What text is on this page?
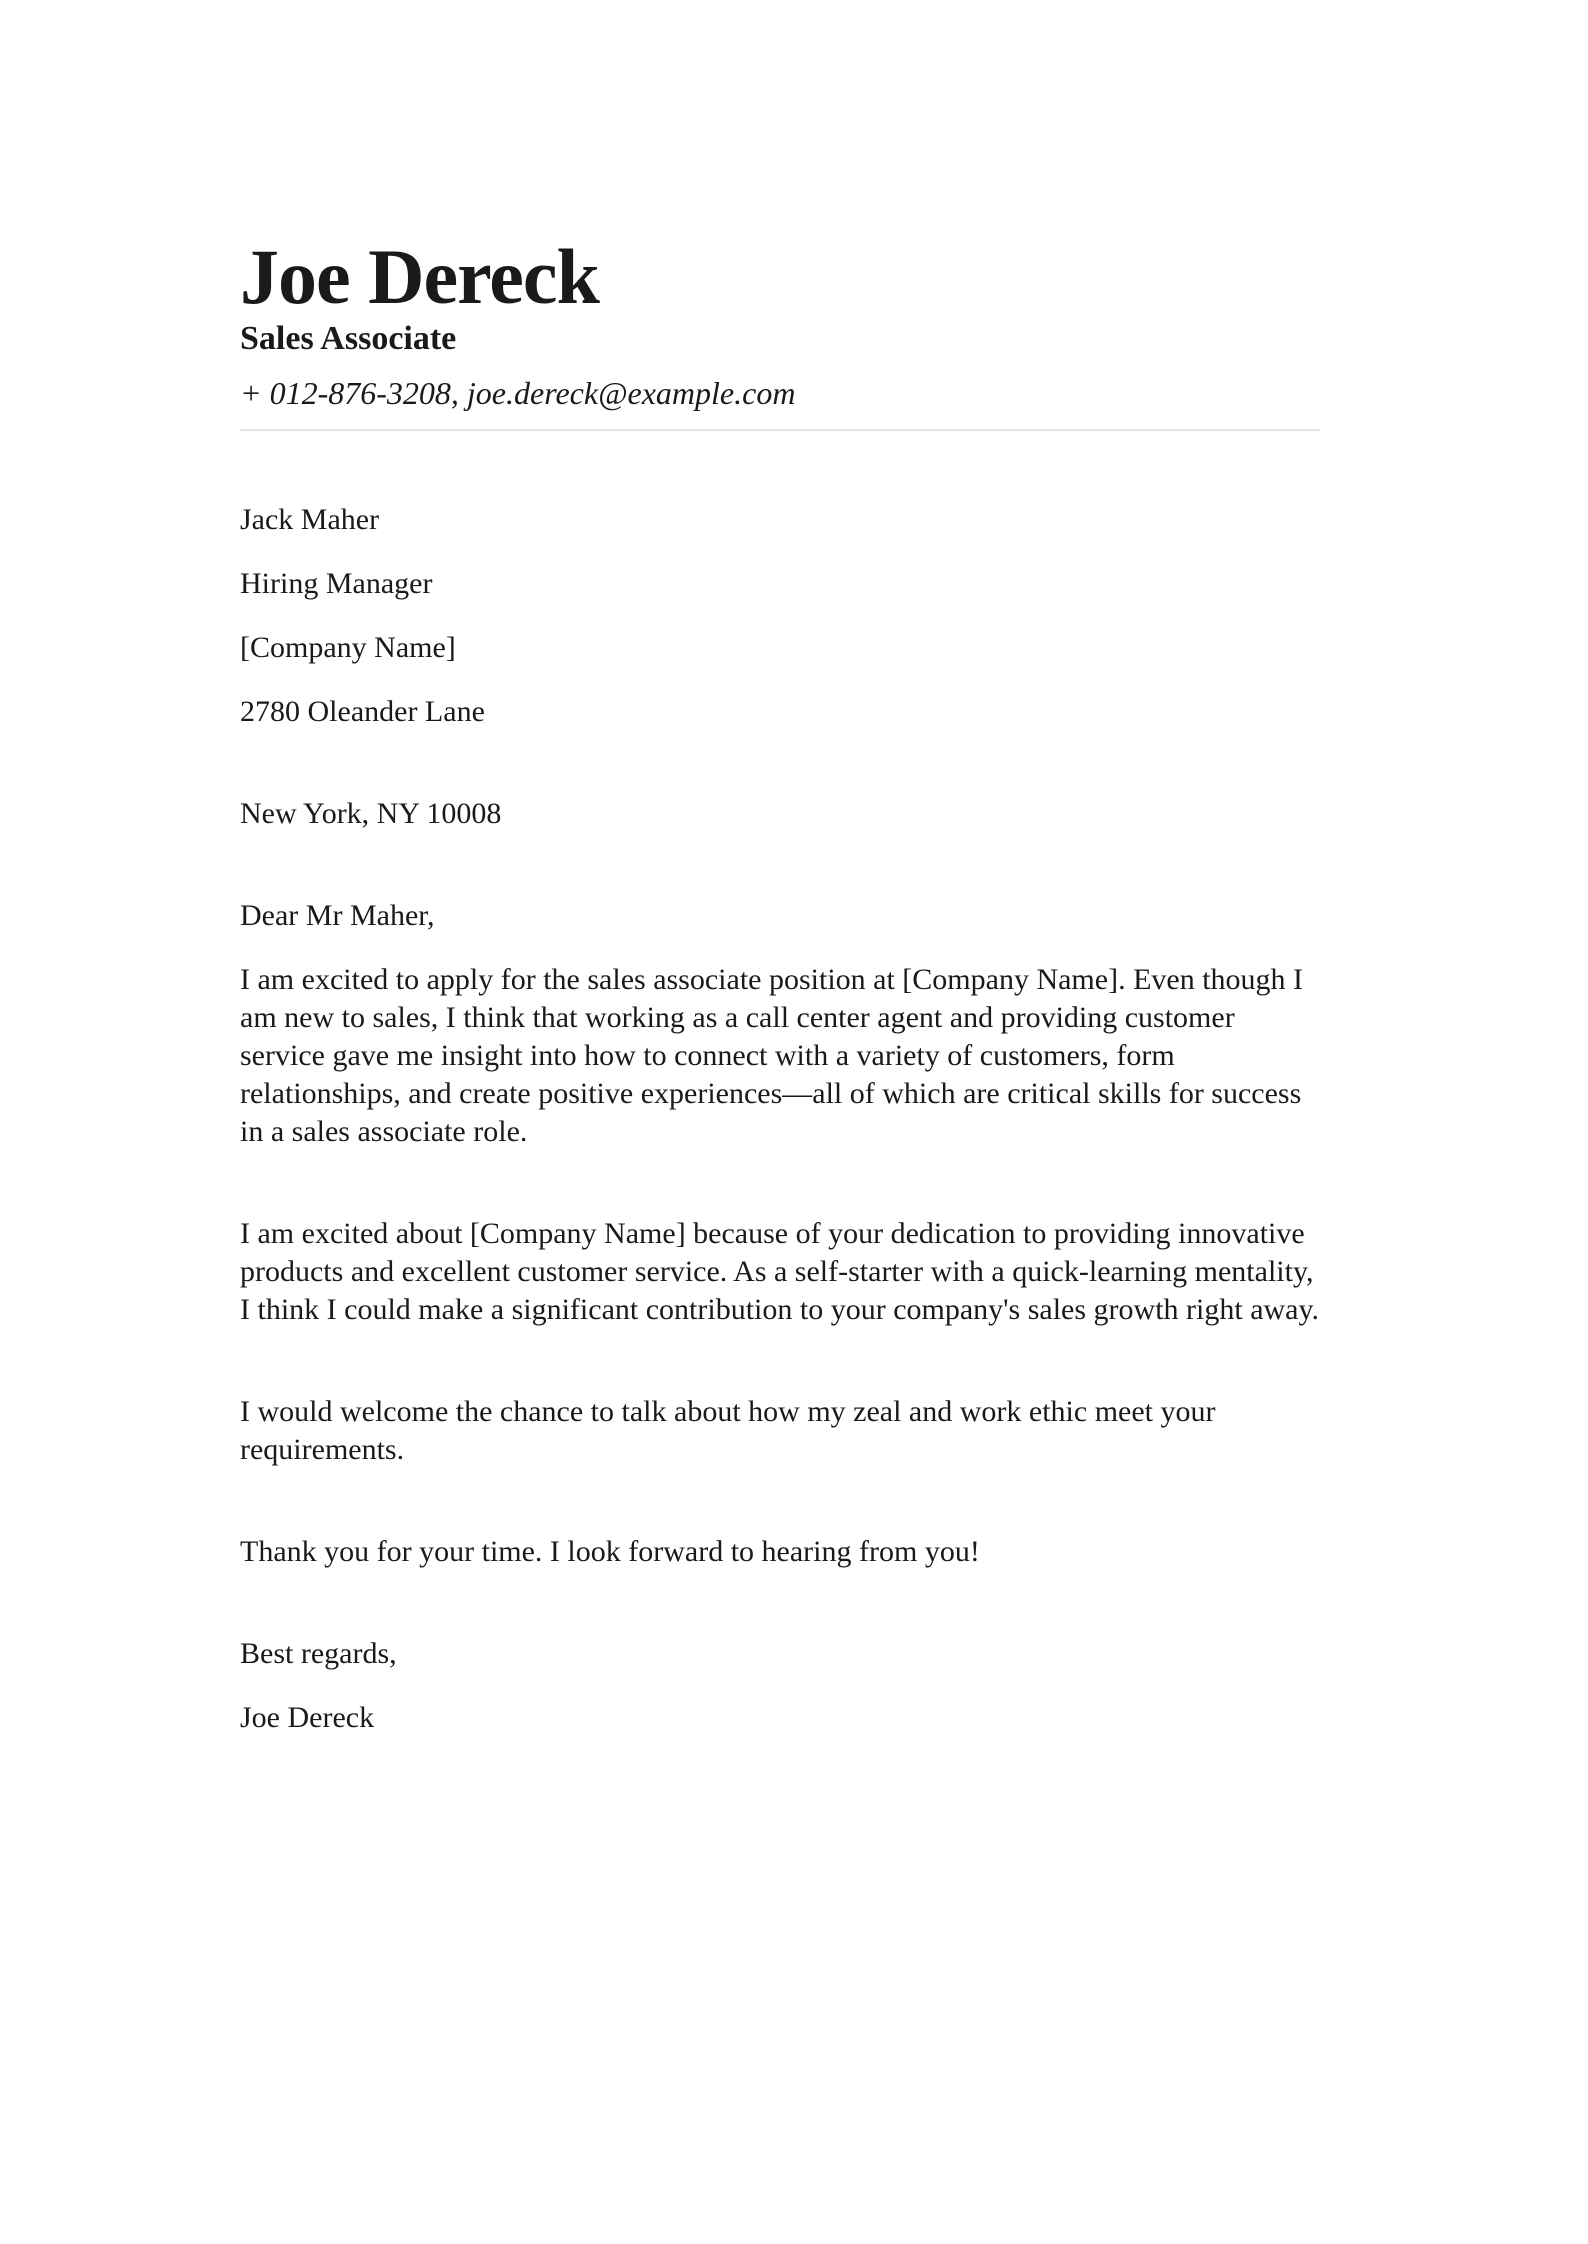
Joe Dereck
Sales Associate
+ 012-876-3208, joe.dereck@example.com

Jack Maher

Hiring Manager

[Company Name]

2780 Oleander Lane

New York, NY 10008

Dear Mr Maher,

I am excited to apply for the sales associate position at [Company Name]. Even though I am new to sales, I think that working as a call center agent and providing customer service gave me insight into how to connect with a variety of customers, form relationships, and create positive experiences—all of which are critical skills for success in a sales associate role.

I am excited about [Company Name] because of your dedication to providing innovative products and excellent customer service. As a self-starter with a quick-learning mentality, I think I could make a significant contribution to your company's sales growth right away.

I would welcome the chance to talk about how my zeal and work ethic meet your requirements.

Thank you for your time. I look forward to hearing from you!

Best regards,

Joe Dereck
